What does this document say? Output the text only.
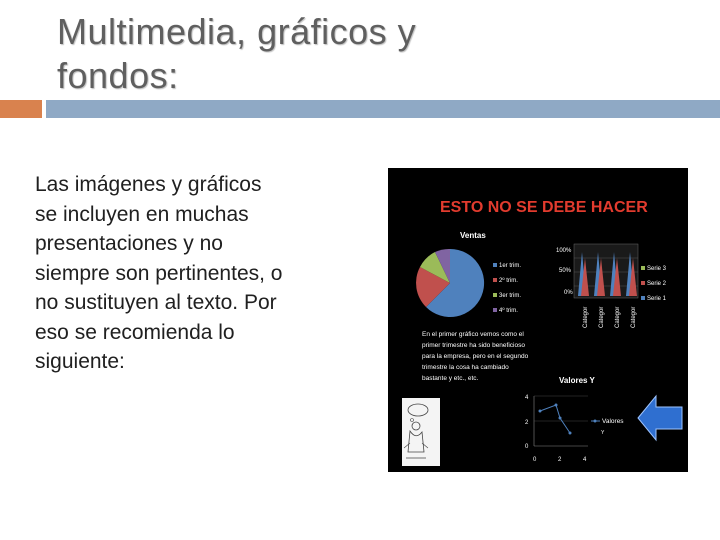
Multimedia, gráficos y
fondos:
Las imágenes y gráficos
se incluyen en muchas
presentaciones y no
siempre son pertinentes, o
no sustituyen al texto. Por
eso se recomienda lo
siguiente:
ESTO NO SE DEBE HACER
Ventas
1er trim.
2º trim.
3er trim.
4º trim.
100%
50%
0%
Categor Categor Categor Categor
Serie 3
Serie 2
Serie 1
En el primer gráfico vemos como el
primer trimestre ha sido beneficioso
para la empresa, pero en el segundo
trimestre la cosa ha cambiado
bastante y etc., etc.	Valores Y
4
2
0
0	2	4
Valores
Y
